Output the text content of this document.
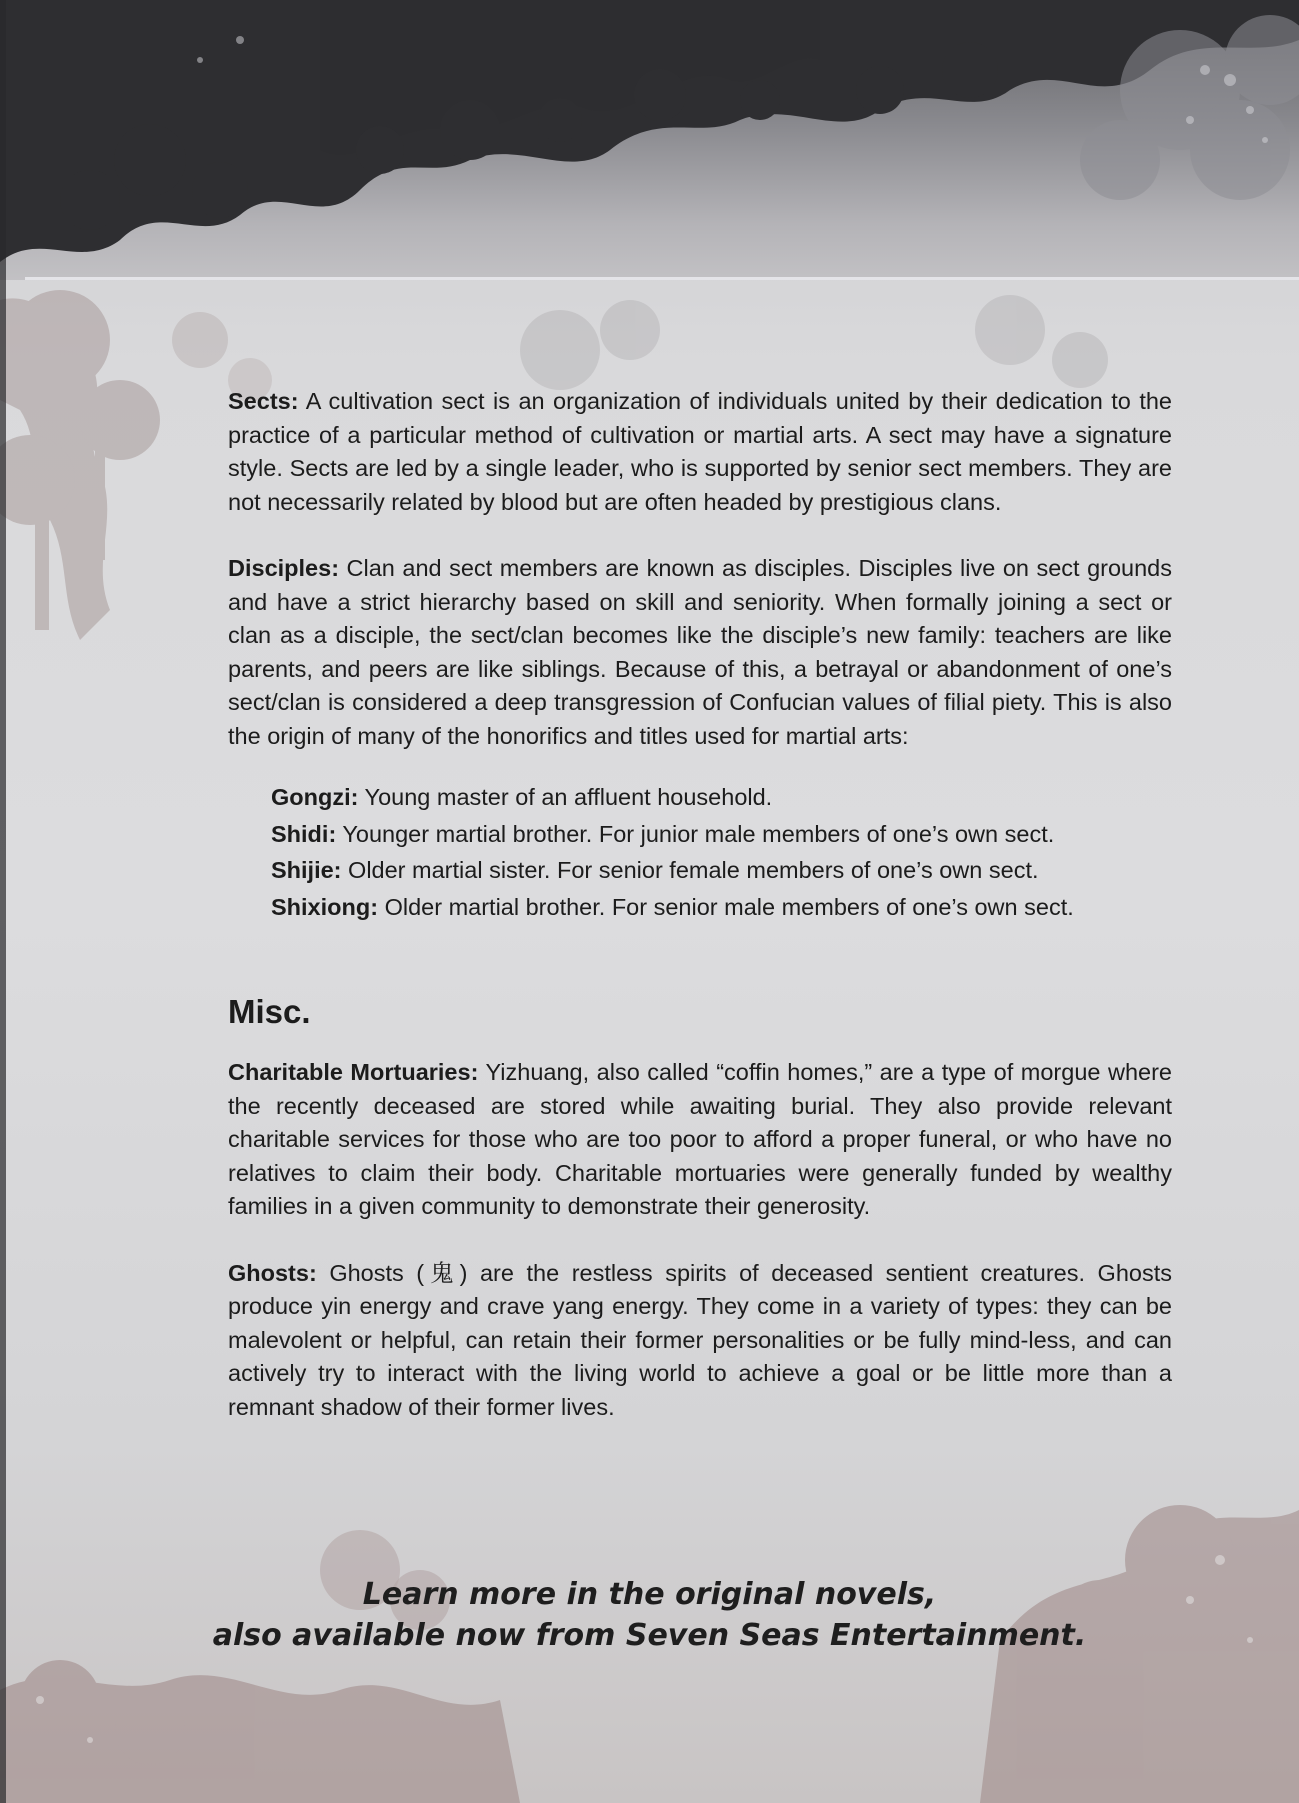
Sects: A cultivation sect is an organization of individuals united by their dedication to the practice of a particular method of cultivation or martial arts. A sect may have a signature style. Sects are led by a single leader, who is supported by senior sect members. They are not necessarily related by blood but are often headed by prestigious clans.

Disciples: Clan and sect members are known as disciples. Disciples live on sect grounds and have a strict hierarchy based on skill and seniority. When formally joining a sect or clan as a disciple, the sect/clan becomes like the disciple’s new family: teachers are like parents, and peers are like siblings. Because of this, a betrayal or abandonment of one’s sect/clan is considered a deep transgression of Confucian values of filial piety. This is also the origin of many of the honorifics and titles used for martial arts:

Gongzi: Young master of an affluent household.
Shidi: Younger martial brother. For junior male members of one’s own sect.
Shijie: Older martial sister. For senior female members of one’s own sect.
Shixiong: Older martial brother. For senior male members of one’s own sect.
Misc.

Charitable Mortuaries: Yizhuang, also called “coffin homes,” are a type of morgue where the recently deceased are stored while awaiting burial. They also provide relevant charitable services for those who are too poor to afford a proper funeral, or who have no relatives to claim their body. Charitable mortuaries were generally funded by wealthy families in a given community to demonstrate their generosity.

Ghosts: Ghosts (鬼) are the restless spirits of deceased sentient creatures. Ghosts produce yin energy and crave yang energy. They come in a variety of types: they can be malevolent or helpful, can retain their former personalities or be fully mind-less, and can actively try to interact with the living world to achieve a goal or be little more than a remnant shadow of their former lives.

Learn more in the original novels,
also available now from Seven Seas Entertainment.
